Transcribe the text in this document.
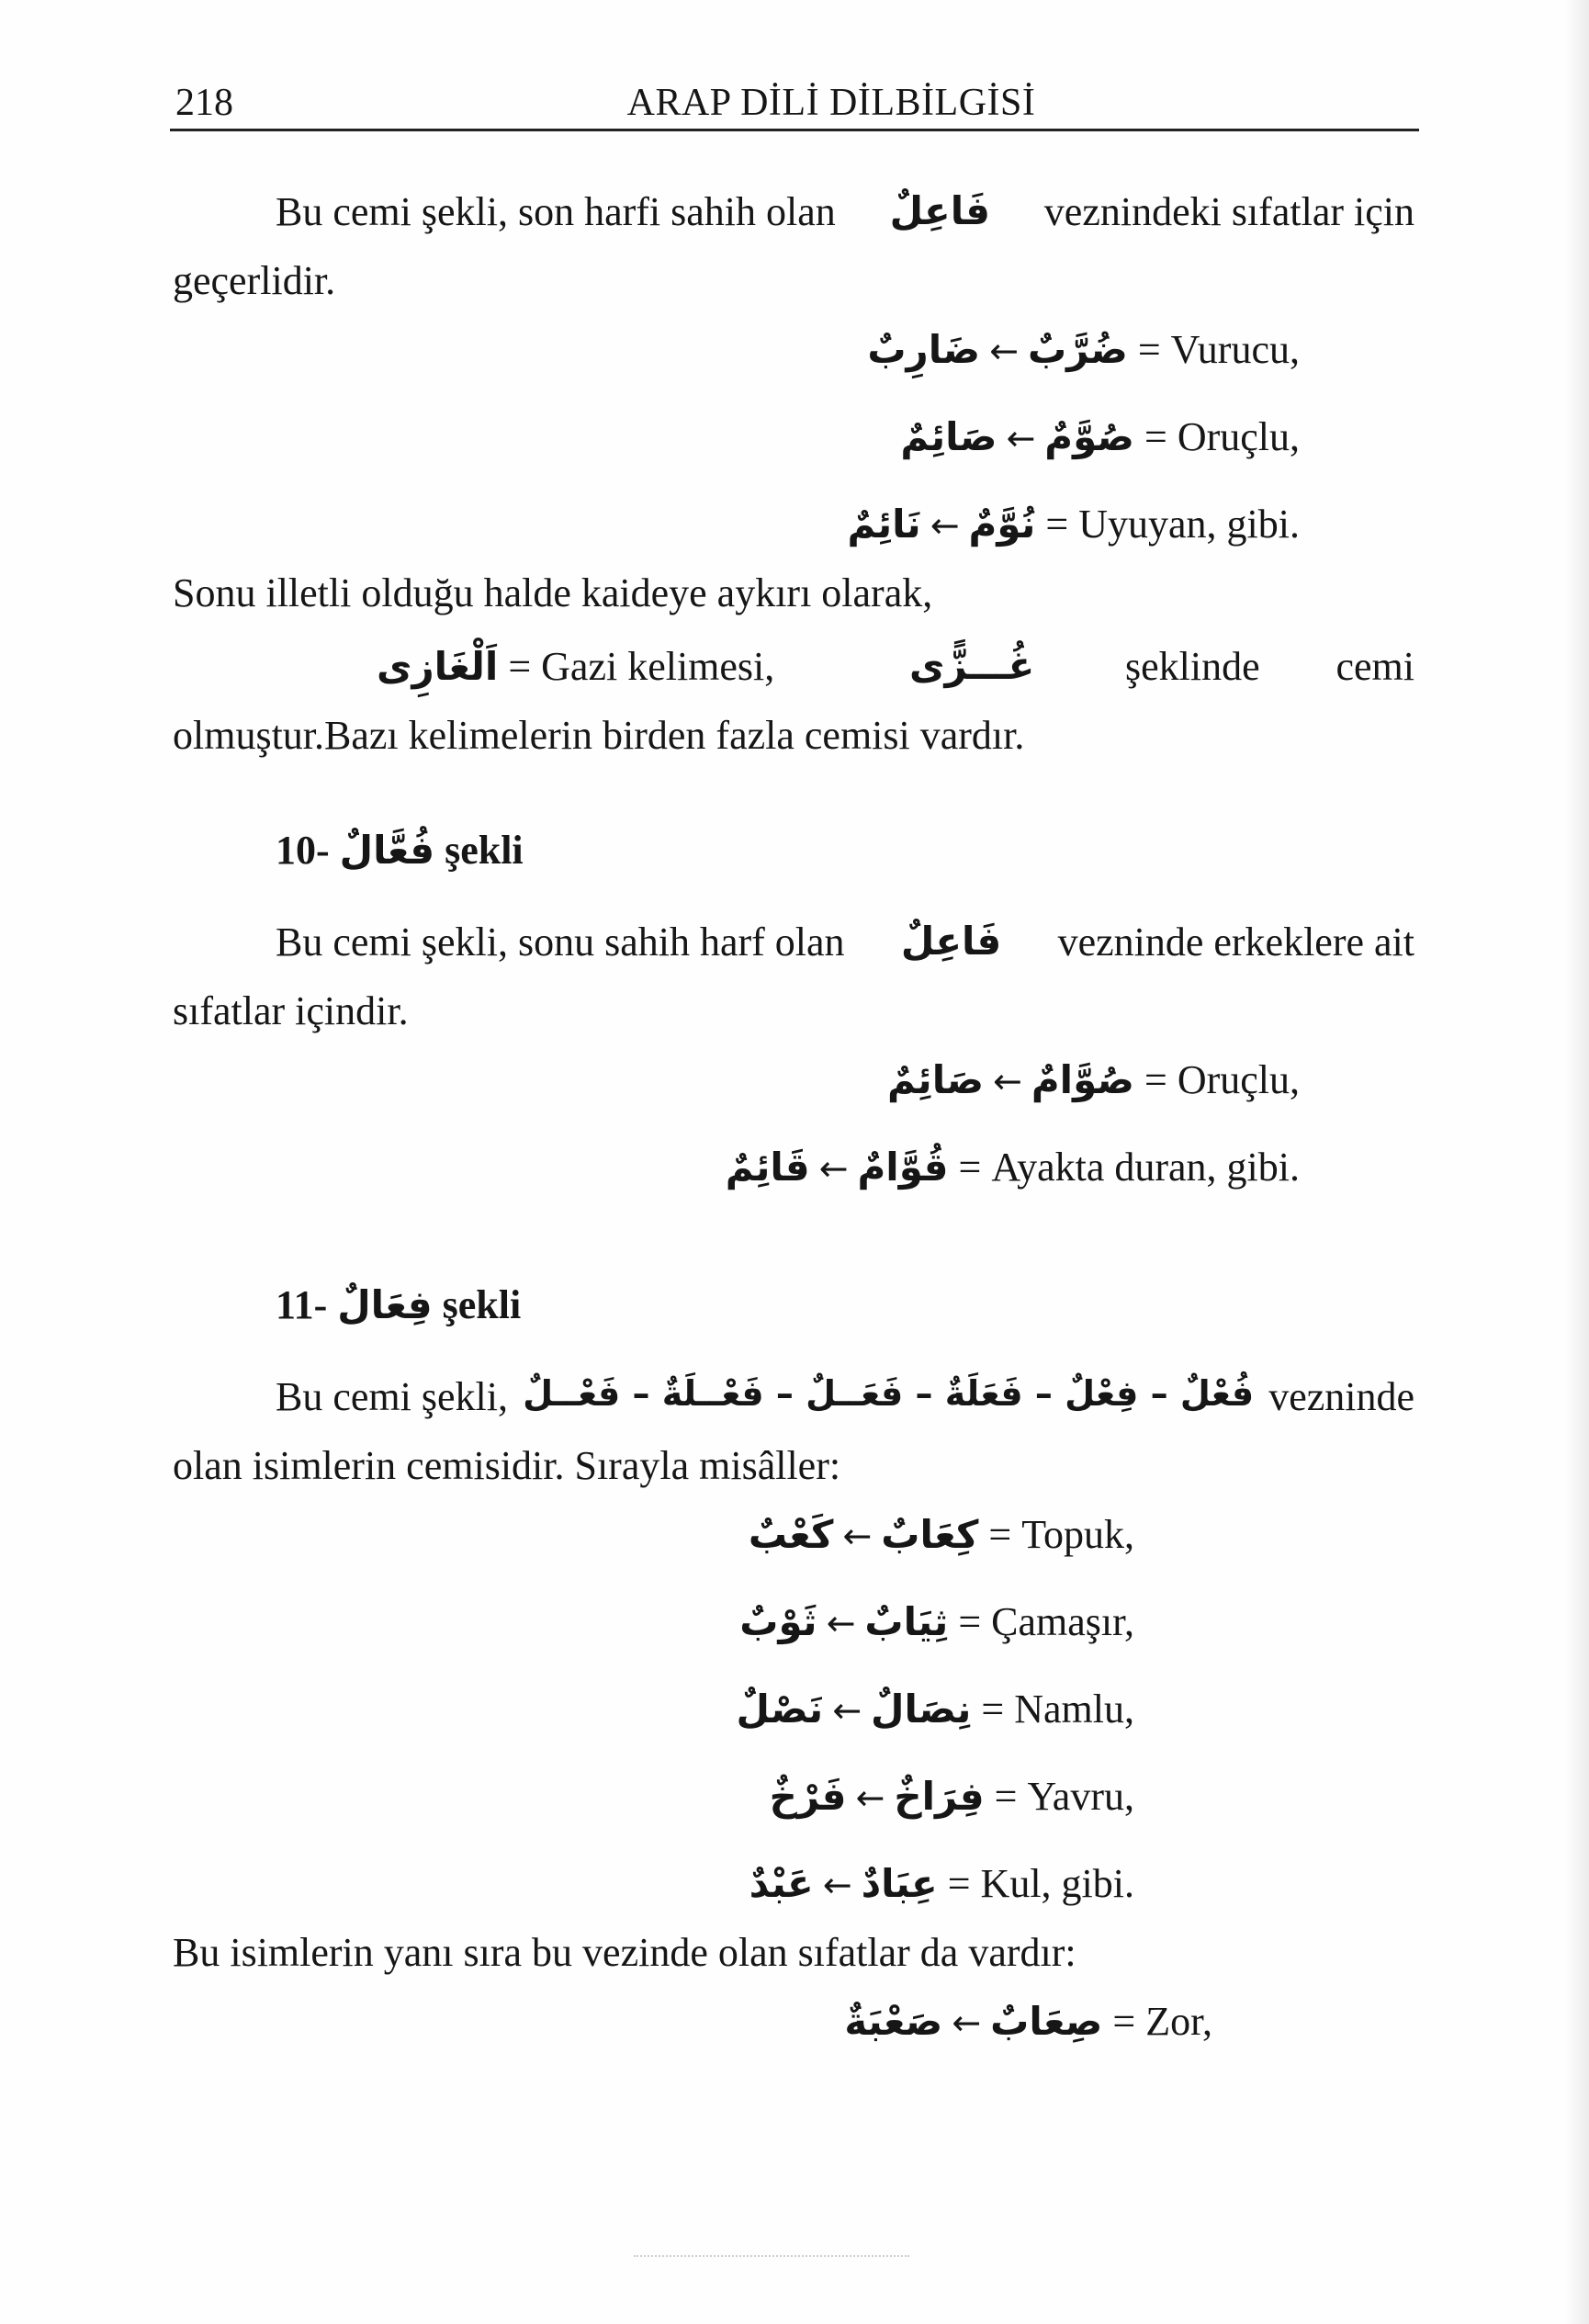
218	ARAP DİLİ DİLBİLGİSİ
Bu cemi şekli, son harfi sahih olan فَاعِلٌ veznindeki sıfatlar için
geçerlidir.
ضَارِبٌ ← ضُرَّبٌ = Vurucu,
صَائِمٌ ← صُوَّمٌ = Oruçlu,
نَائِمٌ ← نُوَّمٌ = Uyuyan, gibi.
Sonu illetli olduğu halde kaideye aykırı olarak,
اَلْغَازِى = Gazi kelimesi,	غُـــزًّى şeklinde cemi
olmuştur.Bazı kelimelerin birden fazla cemisi vardır.
10- فُعَّالٌ şekli
Bu cemi şekli, sonu sahih harf olan فَاعِلٌ vezninde erkeklere ait
sıfatlar içindir.
صَائِمٌ ← صُوَّامٌ = Oruçlu,
قَائِمٌ ← قُوَّامٌ = Ayakta duran, gibi.
11- فِعَالٌ şekli
Bu cemi şekli, فُعْلٌ – فِعْلٌ – فَعَلَةٌ – فَعَــلٌ – فَعْــلَةٌ – فَعْــلٌ vezninde
olan isimlerin cemisidir. Sırayla misâller:
كَعْبٌ ← كِعَابٌ = Topuk,
ثَوْبٌ ← ثِيَابٌ = Çamaşır,
نَصْلٌ ← نِصَالٌ = Namlu,
فَرْخٌ ← فِرَاخٌ = Yavru,
عَبْدٌ ← عِبَادٌ = Kul, gibi.
Bu isimlerin yanı sıra bu vezinde olan sıfatlar da vardır:
صَعْبَةٌ ← صِعَابٌ = Zor,
